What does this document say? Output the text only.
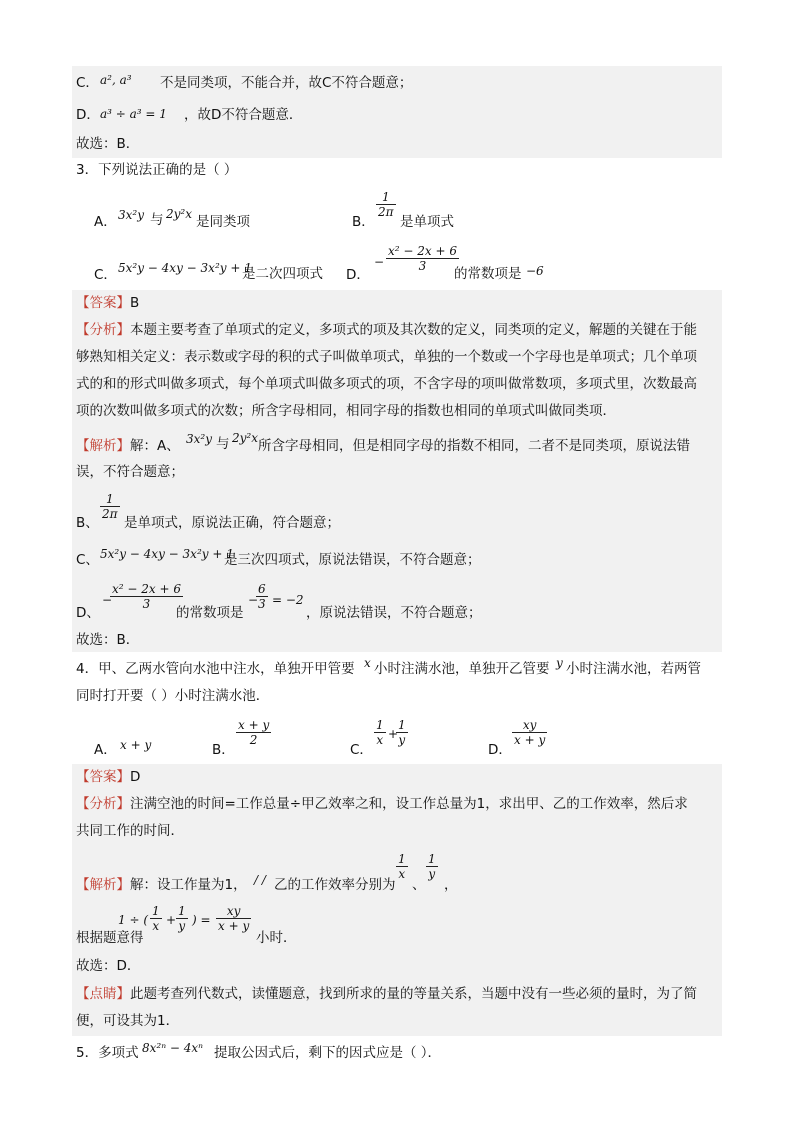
C． a², a³ 不是同类项，不能合并，故C不符合题意；
D． a³ ÷ a³ = 1 ，故D不符合题意．
故选：B．
3．下列说法正确的是（ ）
A． 3x²y 与 2y²x 是同类项	B．
$\frac{1}{2\pi}$
是单项式
C． 5x²y − 4xy − 3x²y + 1
是二次四项式 D．
− $\frac{\text{x² − 2x + 6}}{3}$
的常数项是 −6
【答案】 B
【分析】 本题主要考查了单项式的定义，多项式的项及其次数的定义，同类项的定义，解题的关键在于能
够熟知相关定义：表示数或字母的积的式子叫做单项式，单独的一个数或一个字母也是单项式；几个单项
式的和的形式叫做多项式，每个单项式叫做多项式的项，不含字母的项叫做常数项，多项式里，次数最高
项的次数叫做多项式的次数；所含字母相同，相同字母的指数也相同的单项式叫做同类项．
【解析】 解：A、 3x²y 与 2y²x 所含字母相同，但是相同字母的指数不相同，二者不是同类项，原说法错
误，不符合题意；
B、
$\frac{1}{2\pi}$
是单项式，原说法正确，符合题意；
C、 5x²y − 4xy − 3x²y + 1
是三次四项式，原说法错误，不符合题意；
D、
−
$\frac{\text{x² − 2x + 6}}{3}$
的常数项是
−
$\frac{6}{3} = -2$
，原说法错误，不符合题意；
故选：B．
4．甲、乙两水管向水池中注水，单独开甲管要 x 小时注满水池，单独开乙管要 y 小时注满水池，若两管
同时打开要（ ）小时注满水池．
A． x + y	B．
$\frac{x + y}{2}$
C．
$\frac{1}{x}$ +
$\frac{1}{y}$
D．
$\frac{xy}{x + y}$
【答案】 D
【分析】 注满空池的时间=工作总量÷甲乙效率之和，设工作总量为1，求出甲、乙的工作效率，然后求
共同工作的时间．
【解析】 解：设工作量为1， / / 乙的工作效率分别为
$\frac{1}{x}$
、
$\frac{1}{y}$
，
根据题意得
1 ÷ ( $\frac{1}{x} + \frac{1}{y}$ ) = $\frac{xy}{x + y}$
小时．
故选：D．
【点睛】 此题考查列代数式，读懂题意，找到所求的量的等量关系，当题中没有一些必须的量时，为了简
便，可设其为1．
5．多项式 8x²ⁿ − 4xⁿ 提取公因式后，剩下的因式应是（ ）．
